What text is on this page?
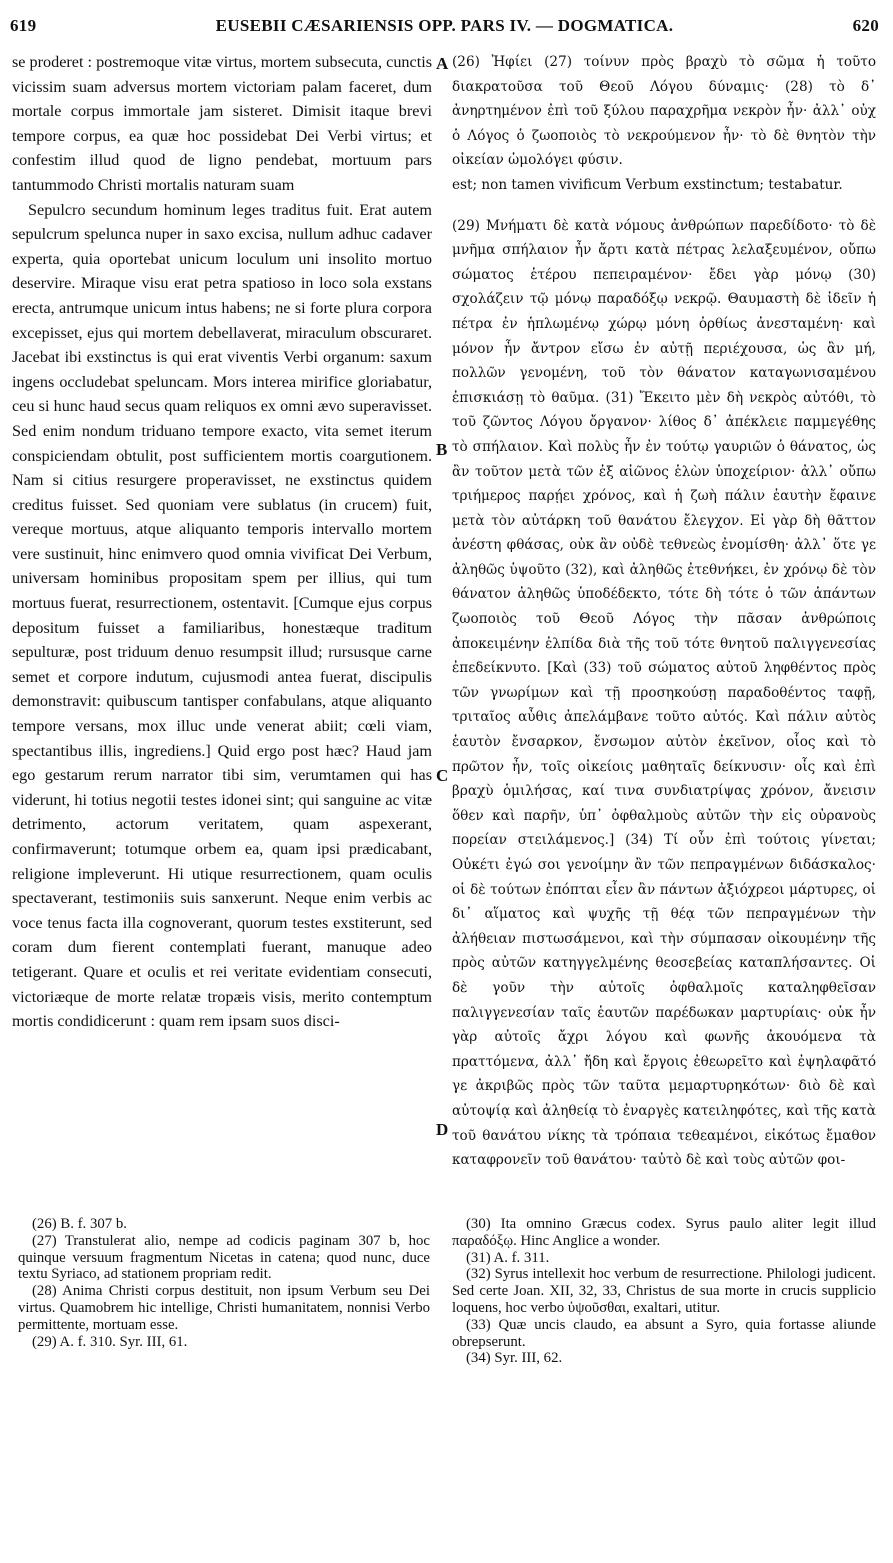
619	EUSEBII CÆSARIENSIS OPP. PARS IV. — DOGMATICA.	620

se proderet : postremoque vitæ virtus, mortem subsecuta, cunctis vicissim suam adversus mortem victoriam palam faceret, dum mortale corpus immortale jam sisteret. Dimisit itaque brevi tempore corpus, ea quæ hoc possidebat Dei Verbi virtus; et confestim illud quod de ligno pendebat, mortuum pars tantummodo Christi mortalis naturam suam

Sepulcro secundum hominum leges traditus fuit. Erat autem sepulcrum spelunca nuper in saxo excisa, nullum adhuc cadaver experta, quia oportebat unicum loculum uni insolito mortuo deservire. Miraque visu erat petra spatioso in loco sola exstans erecta, antrumque unicum intus habens; ne si forte plura corpora excepisset, ejus qui mortem debellaverat, miraculum obscuraret. Jacebat ibi exstinctus is qui erat viventis Verbi organum: saxum ingens occludebat speluncam. Mors interea mirifice gloriabatur, ceu si hunc haud secus quam reliquos ex omni ævo superavisset. Sed enim nondum triduano tempore exacto, vita semet iterum conspiciendam obtulit, post sufficientem mortis coargutionem. Nam si citius resurgere properavisset, ne exstinctus quidem creditus fuisset. Sed quoniam vere sublatus (in crucem) fuit, vereque mortuus, atque aliquanto temporis intervallo mortem vere sustinuit, hinc enimvero quod omnia vivificat Dei Verbum, universam hominibus propositam spem per illius, qui tum mortuus fuerat, resurrectionem, ostentavit. [Cumque ejus corpus depositum fuisset a familiaribus, honestæque traditum sepulturæ, post triduum denuo resumpsit illud; rursusque carne semet et corpore indutum, cujusmodi antea fuerat, discipulis demonstravit: quibuscum tantisper confabulans, atque aliquanto tempore versans, mox illuc unde venerat abiit; cœli viam, spectantibus illis, ingrediens.] Quid ergo post hæc? Haud jam ego gestarum rerum narrator tibi sim, verumtamen qui has viderunt, hi totius negotii testes idonei sint; qui sanguine ac vitæ detrimento, actorum veritatem, quam aspexerant, confirmaverunt; totumque orbem ea, quam ipsi prædicabant, religione impleverunt. Hi utique resurrectionem, quam oculis spectaverant, testimoniis suis sanxerunt. Neque enim verbis ac voce tenus facta illa cognoverant, quorum testes exstiterunt, sed coram dum fierent contemplati fuerant, manuque adeo tetigerant. Quare et oculis et rei veritate evidentiam consecuti, victoriæque de morte relatæ tropæis visis, merito contemptum mortis condidicerunt : quam rem ipsam suos disci-

(26) Ἠφίει (27) τοίνυν πρὸς βραχὺ τὸ σῶμα ἡ τοῦτο διακρατοῦσα τοῦ Θεοῦ Λόγου δύναμις· (28) τὸ δ᾽ ἀνηρτημένον ἐπὶ τοῦ ξύλου παραχρῆμα νεκρὸν ἦν· ἀλλ᾽ οὐχ ὁ Λόγος ὁ ζωοποιὸς τὸ νεκρούμενον ἦν· τὸ δὲ θνητὸν τὴν οἰκείαν ὡμολόγει φύσιν.

est; non tamen vivificum Verbum exstinctum; testabatur.

(29) Μνήματι δὲ κατὰ νόμους ἀνθρώπων παρεδίδοτο· τὸ δὲ μνῆμα σπήλαιον ἦν ἄρτι κατὰ πέτρας λελαξευμένον, οὔπω σώματος ἑτέρου πεπειραμένον· ἔδει γὰρ μόνῳ (30) σχολάζειν τῷ μόνῳ παραδόξῳ νεκρῷ. Θαυμαστὴ δὲ ἰδεῖν ἡ πέτρα ἐν ἡπλωμένῳ χώρῳ μόνη ὀρθίως ἀνεσταμένη· καὶ μόνον ἦν ἄντρον εἴσω ἐν αὐτῇ περιέχουσα, ὡς ἂν μή, πολλῶν γενομένη, τοῦ τὸν θάνατον καταγωνισαμένου ἐπισκιάσῃ τὸ θαῦμα. (31) Ἔκειτο μὲν δὴ νεκρὸς αὐτόθι, τὸ τοῦ ζῶντος Λόγου ὄργανον· λίθος δ᾽ ἀπέκλειε παμμεγέθης τὸ σπήλαιον. Καὶ πολὺς ἦν ἐν τούτῳ γαυριῶν ὁ θάνατος, ὡς ἂν τοῦτον μετὰ τῶν ἐξ αἰῶνος ἑλὼν ὑποχείριον· ἀλλ᾽ οὔπω τριήμερος παρῄει χρόνος, καὶ ἡ ζωὴ πάλιν ἑαυτὴν ἔφαινε μετὰ τὸν αὐτάρκη τοῦ θανάτου ἔλεγχον. Εἰ γὰρ δὴ θᾶττον ἀνέστη φθάσας, οὐκ ἂν οὐδὲ τεθνεὼς ἐνομίσθη· ἀλλ᾽ ὅτε γε ἀληθῶς ὑψοῦτο (32), καὶ ἀληθῶς ἐτεθνήκει, ἐν χρόνῳ δὲ τὸν θάνατον ἀληθῶς ὑποδέδεκτο, τότε δὴ τότε ὁ τῶν ἁπάντων ζωοποιὸς τοῦ Θεοῦ Λόγος τὴν πᾶσαν ἀνθρώποις ἀποκειμένην ἐλπίδα διὰ τῆς τοῦ τότε θνητοῦ παλιγγενεσίας ἐπεδείκνυτο. [Καὶ (33) τοῦ σώματος αὐτοῦ ληφθέντος πρὸς τῶν γνωρίμων καὶ τῇ προσηκούσῃ παραδοθέντος ταφῇ, τριταῖος αὖθις ἀπελάμβανε τοῦτο αὐτός. Καὶ πάλιν αὐτὸς ἑαυτὸν ἔνσαρκον, ἔνσωμον αὐτὸν ἐκεῖνον, οἷος καὶ τὸ πρῶτον ἦν, τοῖς οἰκείοις μαθηταῖς δείκνυσιν· οἷς καὶ ἐπὶ βραχὺ ὁμιλήσας, καί τινα συνδιατρίψας χρόνον, ἄνεισιν ὅθεν καὶ παρῆν, ὑπ᾽ ὀφθαλμοὺς αὐτῶν τὴν εἰς οὐρανοὺς πορείαν στειλάμενος.] (34) Τί οὖν ἐπὶ τούτοις γίνεται; Οὐκέτι ἐγώ σοι γενοίμην ἂν τῶν πεπραγμένων διδάσκαλος· οἱ δὲ τούτων ἐπόπται εἶεν ἂν πάντων ἀξιόχρεοι μάρτυρες, οἱ δι᾽ αἵματος καὶ ψυχῆς τῇ θέᾳ τῶν πεπραγμένων τὴν ἀλήθειαν πιστωσάμενοι, καὶ τὴν σύμπασαν οἰκουμένην τῆς πρὸς αὐτῶν κατηγγελμένης θεοσεβείας καταπλήσαντες. Οἱ δὲ γοῦν τὴν αὐτοῖς ὀφθαλμοῖς καταληφθεῖσαν παλιγγενεσίαν ταῖς ἑαυτῶν παρέδωκαν μαρτυρίαις· οὐκ ἦν γὰρ αὐτοῖς ἄχρι λόγου καὶ φωνῆς ἀκουόμενα τὰ πραττόμενα, ἀλλ᾽ ἤδη καὶ ἔργοις ἐθεωρεῖτο καὶ ἐψηλαφᾶτό γε ἀκριβῶς πρὸς τῶν ταῦτα μεμαρτυρηκότων· διὸ δὲ καὶ αὐτοψίᾳ καὶ ἀληθείᾳ τὸ ἐναργὲς κατειληφότες, καὶ τῆς κατὰ τοῦ θανάτου νίκης τὰ τρόπαια τεθεαμένοι, εἰκότως ἔμαθον καταφρονεῖν τοῦ θανάτου· ταὐτὸ δὲ καὶ τοὺς αὐτῶν φοι-

A
B
C
D

(26) B. f. 307 b.

(27) Transtulerat alio, nempe ad codicis paginam 307 b, hoc quinque versuum fragmentum Nicetas in catena; quod nunc, duce textu Syriaco, ad stationem propriam redit.

(28) Anima Christi corpus destituit, non ipsum Verbum seu Dei virtus. Quamobrem hic intellige, Christi humanitatem, nonnisi Verbo permittente, mortuam esse.

(29) A. f. 310. Syr. III, 61.

(30) Ita omnino Græcus codex. Syrus paulo aliter legit illud παραδόξῳ. Hinc Anglice a wonder.

(31) A. f. 311.

(32) Syrus intellexit hoc verbum de resurrectione. Philologi judicent. Sed certe Joan. XII, 32, 33, Christus de sua morte in crucis supplicio loquens, hoc verbo ὑψοῦσθαι, exaltari, utitur.

(33) Quæ uncis claudo, ea absunt a Syro, quia fortasse aliunde obrepserunt.

(34) Syr. III, 62.
